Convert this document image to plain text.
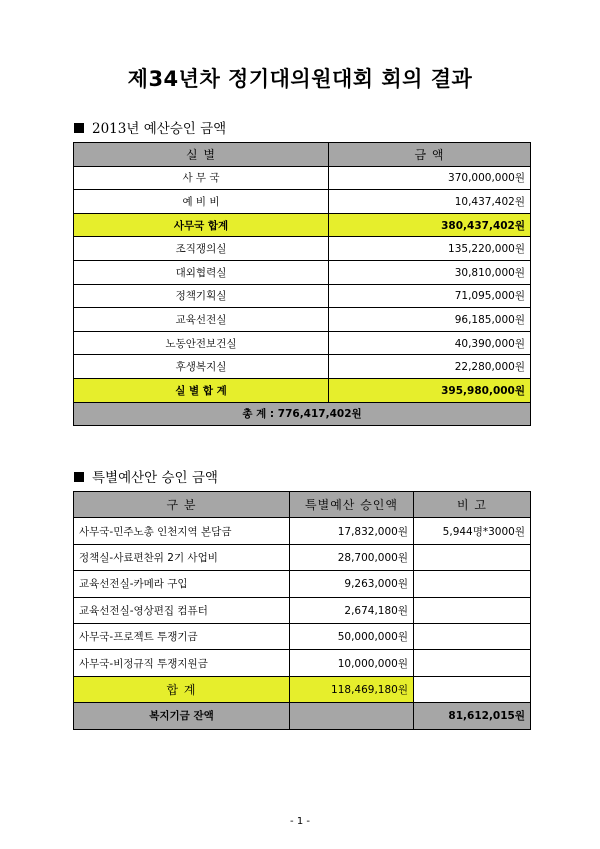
제34년차 정기대의원대회 회의 결과
2013년 예산승인 금액
실 별	금 액
사 무 국	370,000,000원
예 비 비	10,437,402원
사무국 합계	380,437,402원
조직쟁의실	135,220,000원
대외협력실	30,810,000원
정책기획실	71,095,000원
교육선전실	96,185,000원
노동안전보건실	40,390,000원
후생복지실	22,280,000원
실 별 합 계	395,980,000원
총 계 : 776,417,402원	
특별예산안 승인 금액
구 분	특별예산 승인액	비 고
사무국-민주노총 인천지역 본담금	17,832,000원	5,944명*3000원
정책실-사료편찬위 2기 사업비	28,700,000원	
교육선전실-카메라 구입	9,263,000원	
교육선전실-영상편집 컴퓨터	2,674,180원	
사무국-프로젝트 투쟁기금	50,000,000원	
사무국-비정규직 투쟁지원금	10,000,000원	
합 계	118,469,180원	
복지기금 잔액		81,612,015원
- 1 -
